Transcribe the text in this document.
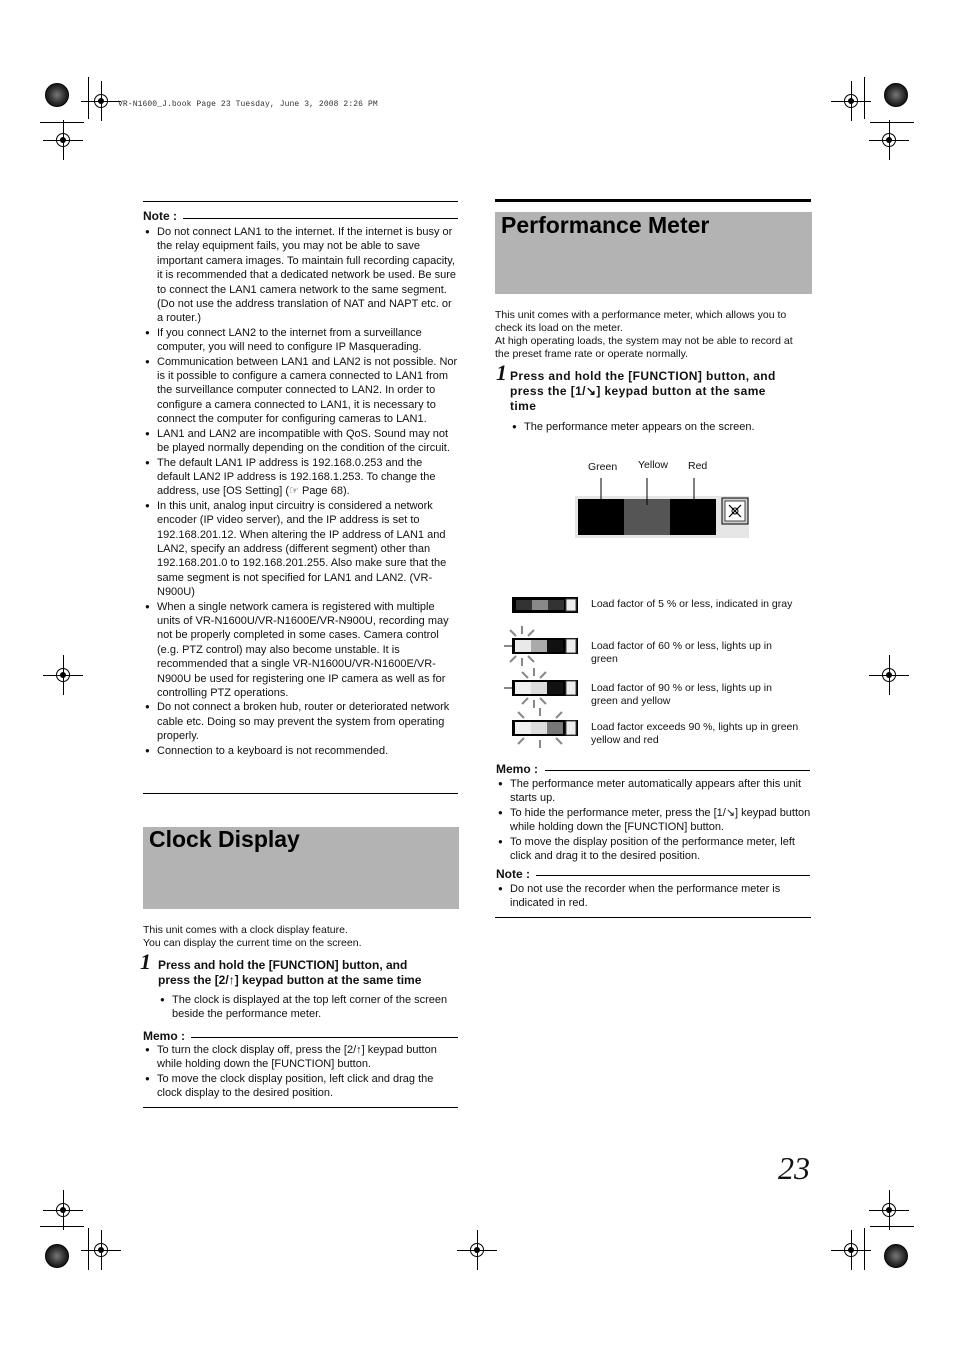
VR-N1600_J.book Page 23 Tuesday, June 3, 2008 2:26 PM
Note :
● Do not connect LAN1 to the internet. If the internet is busy or the relay equipment fails, you may not be able to save important camera images. To maintain full recording capacity, it is recommended that a dedicated network be used. Be sure to connect the LAN1 camera network to the same segment. (Do not use the address translation of NAT and NAPT etc. or a router.)
● If you connect LAN2 to the internet from a surveillance computer, you will need to configure IP Masquerading.
● Communication between LAN1 and LAN2 is not possible. Nor is it possible to configure a camera connected to LAN1 from the surveillance computer connected to LAN2. In order to configure a camera connected to LAN1, it is necessary to connect the computer for configuring cameras to LAN1.
● LAN1 and LAN2 are incompatible with QoS. Sound may not be played normally depending on the condition of the circuit.
● The default LAN1 IP address is 192.168.0.253 and the default LAN2 IP address is 192.168.1.253. To change the address, use [OS Setting] (☞ Page 68).
● In this unit, analog input circuitry is considered a network encoder (IP video server), and the IP address is set to 192.168.201.12. When altering the IP address of LAN1 and LAN2, specify an address (different segment) other than 192.168.201.0 to 192.168.201.255. Also make sure that the same segment is not specified for LAN1 and LAN2. (VR-N900U)
● When a single network camera is registered with multiple units of VR-N1600U/VR-N1600E/VR-N900U, recording may not be properly completed in some cases. Camera control (e.g. PTZ control) may also become unstable. It is recommended that a single VR-N1600U/VR-N1600E/VR-N900U be used for registering one IP camera as well as for controlling PTZ operations.
● Do not connect a broken hub, router or deteriorated network cable etc. Doing so may prevent the system from operating properly.
● Connection to a keyboard is not recommended.
Clock Display
This unit comes with a clock display feature.
You can display the current time on the screen.
1 Press and hold the [FUNCTION] button, and
press the [2/↑] keypad button at the same time
● The clock is displayed at the top left corner of the screen beside the performance meter.
Memo :
● To turn the clock display off, press the [2/↑] keypad button while holding down the [FUNCTION] button.
● To move the clock display position, left click and drag the clock display to the desired position.
Performance Meter
This unit comes with a performance meter, which allows you to
check its load on the meter.
At high operating loads, the system may not be able to record at
the preset frame rate or operate normally.
1 Press and hold the [FUNCTION] button, and
press the [1/↘] keypad button at the same
time
● The performance meter appears on the screen.
Green Yellow Red
Load factor of 5 % or less, indicated in gray
Load factor of 60 % or less, lights up in green
Load factor of 90 % or less, lights up in green and yellow
Load factor exceeds 90 %, lights up in green yellow and red
Memo :
● The performance meter automatically appears after this unit starts up.
● To hide the performance meter, press the [1/↘] keypad button while holding down the [FUNCTION] button.
● To move the display position of the performance meter, left click and drag it to the desired position.
Note :
● Do not use the recorder when the performance meter is indicated in red.
23
